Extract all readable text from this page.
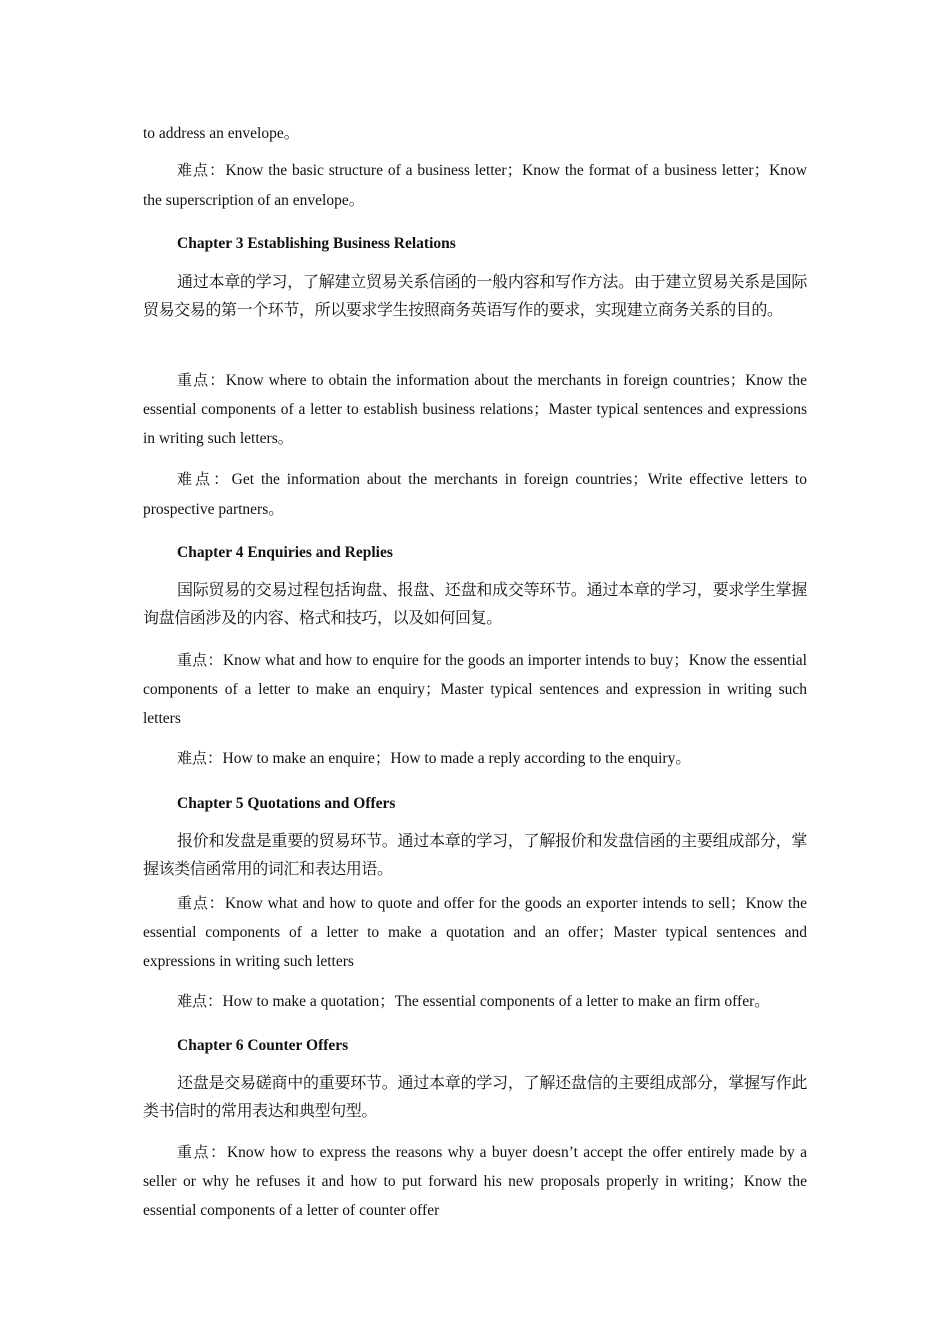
to address an envelope。

难点：Know the basic structure of a business letter；Know the format of a business letter；Know the superscription of an envelope。

Chapter 3 Establishing Business Relations

通过本章的学习，了解建立贸易关系信函的一般内容和写作方法。由于建立贸易关系是国际贸易交易的第一个环节，所以要求学生按照商务英语写作的要求，实现建立商务关系的目的。

重点：Know where to obtain the information about the merchants in foreign countries；Know the essential components of a letter to establish business relations；Master typical sentences and expressions in writing such letters。

难点：Get the information about the merchants in foreign countries；Write effective letters to prospective partners。

Chapter 4 Enquiries and Replies

国际贸易的交易过程包括询盘、报盘、还盘和成交等环节。通过本章的学习，要求学生掌握询盘信函涉及的内容、格式和技巧，以及如何回复。

重点：Know what and how to enquire for the goods an importer intends to buy；Know the essential components of a letter to make an enquiry；Master typical sentences and expression in writing such letters

难点：How to make an enquire；How to made a reply according to the enquiry。

Chapter 5 Quotations and Offers

报价和发盘是重要的贸易环节。通过本章的学习，了解报价和发盘信函的主要组成部分，掌握该类信函常用的词汇和表达用语。

重点：Know what and how to quote and offer for the goods an exporter intends to sell；Know the essential components of a letter to make a quotation and an offer；Master typical sentences and expressions in writing such letters

难点：How to make a quotation；The essential components of a letter to make an firm offer。

Chapter 6 Counter Offers

还盘是交易磋商中的重要环节。通过本章的学习，了解还盘信的主要组成部分，掌握写作此类书信时的常用表达和典型句型。

重点：Know how to express the reasons why a buyer doesn’t accept the offer entirely made by a seller or why he refuses it and how to put forward his new proposals properly in writing；Know the essential components of a letter of counter offer
